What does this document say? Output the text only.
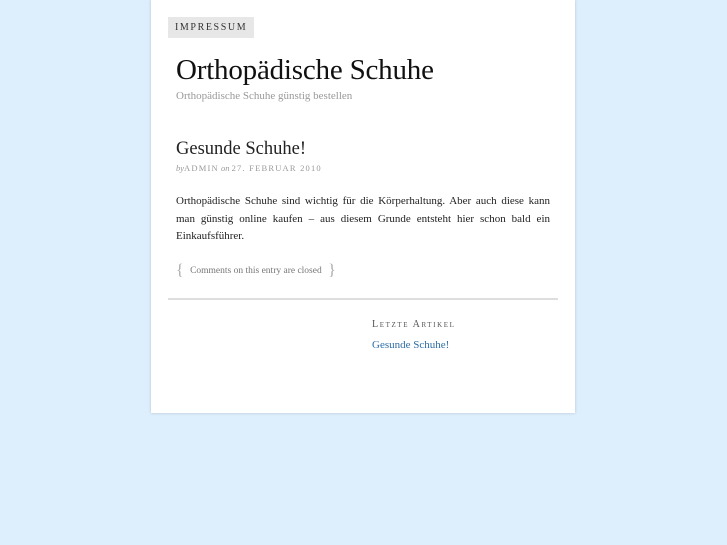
IMPRESSUM
Orthopädische Schuhe
Orthopädische Schuhe günstig bestellen
Gesunde Schuhe!
byADMIN on 27. FEBRUAR 2010

Orthopädische Schuhe sind wichtig für die Körperhaltung. Aber auch diese kann man günstig online kaufen – aus diesem Grunde entsteht hier schon bald ein Einkaufsführer.

{ Comments on this entry are closed }
Letzte Artikel
Gesunde Schuhe!
